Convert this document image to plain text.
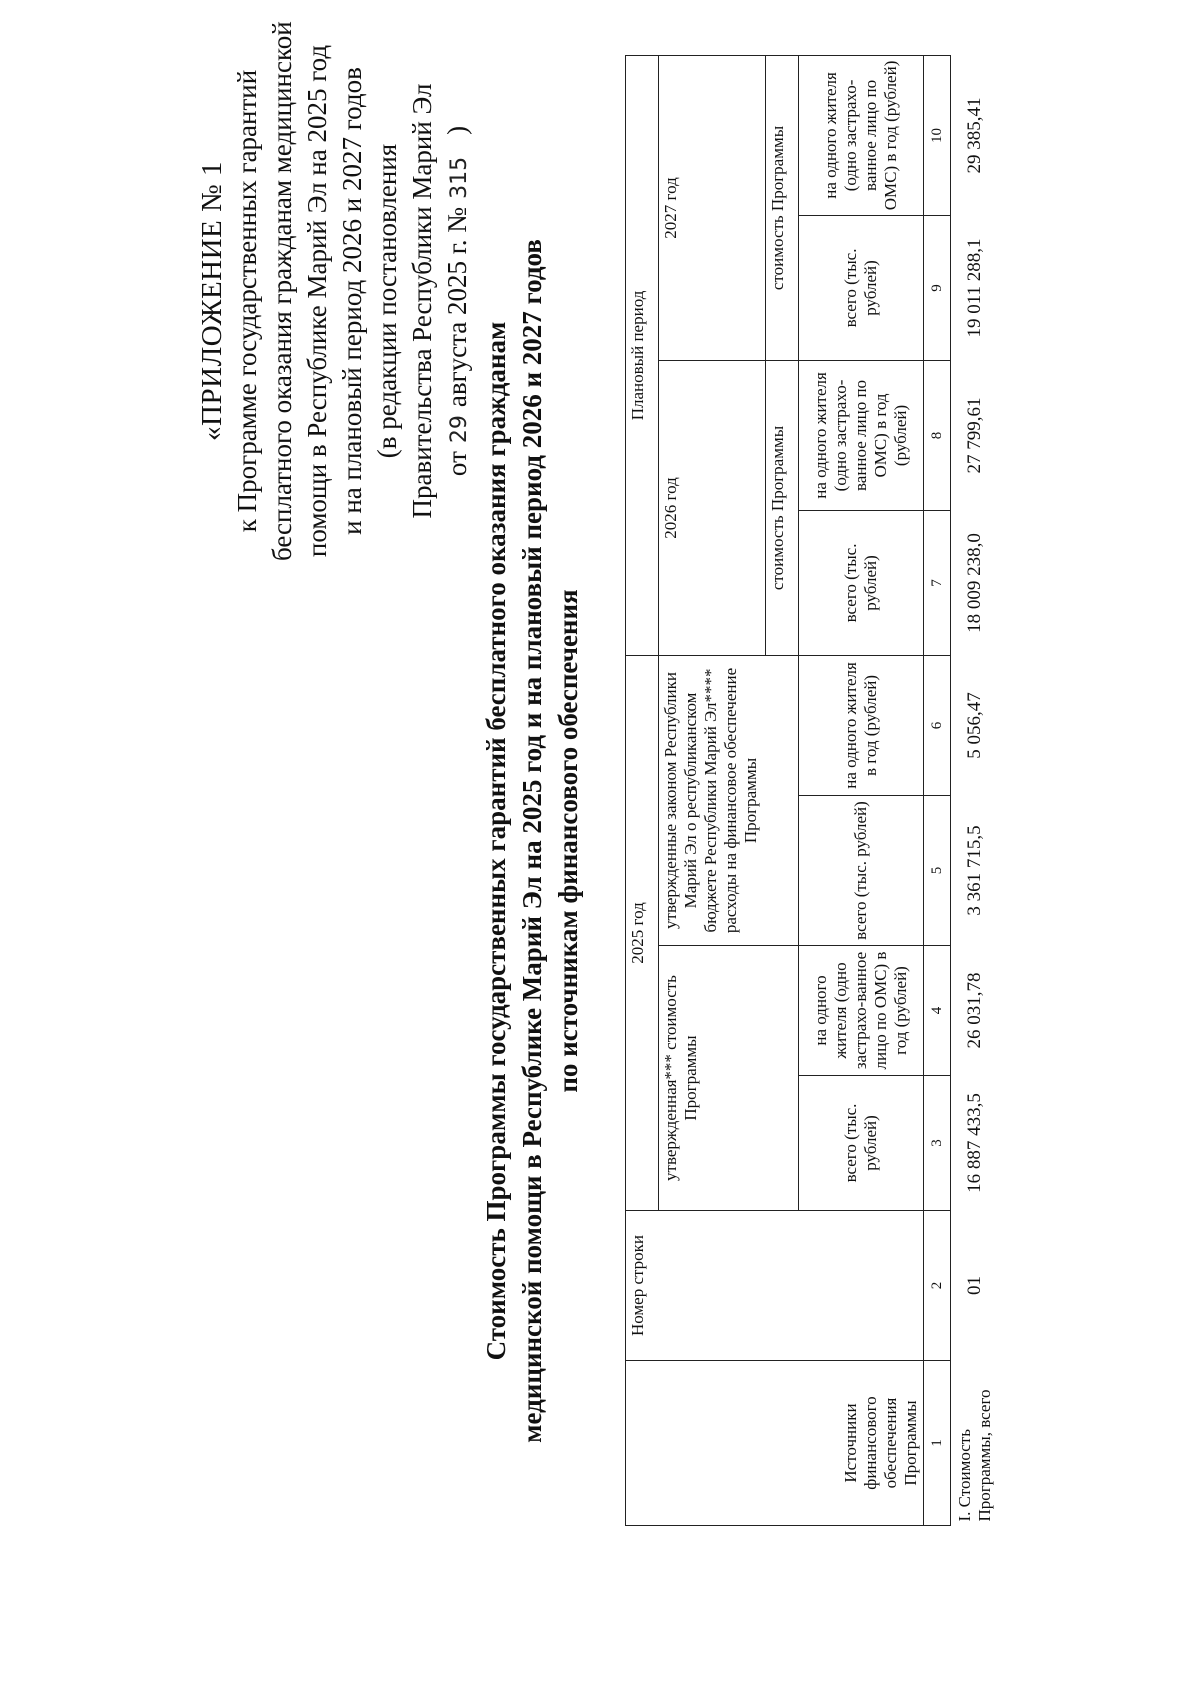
«ПРИЛОЖЕНИЕ № 1 к Программе государственных гарантий бесплатного оказания гражданам медицинской помощи в Республике Марий Эл на 2025 год и на плановый период 2026 и 2027 годов (в редакции постановления Правительства Республики Марий Эл от29августа 2025 г. №315)
Стоимость Программы государственных гарантий бесплатного оказания гражданам медицинской помощи в Республике Марий Эл на 2025 год и на плановый период 2026 и 2027 годов по источникам финансового обеспечения
Источники финансового обеспечения Программы	Номер строки	2025 год				Плановый период			
		утвержденная*** стоимость Программы		утвержденные законом Республики Марий Эл о республиканском бюджете Республики Марий Эл**** расходы на финансовое обеспечение Программы		2026 год		2027 год	
						стоимость Программы		стоимость Программы	
		всего (тыс. рублей)	на одного жителя (одно застрахо-ванное лицо по ОМС) в год (рублей)	всего (тыс. рублей)	на одного жителя в год (рублей)	всего (тыс. рублей)	на одного жителя (одно застрахо-ванное лицо по ОМС) в год (рублей)	всего (тыс. рублей)	на одного жителя (одно застрахо-ванное лицо по ОМС) в год (рублей)
1	2	3	4	5	6	7	8	9	10
I. Стоимость Программы, всего	01	16 887 433,5	26 031,78	3 361 715,5	5 056,47	18 009 238,0	27 799,61	19 011 288,1	29 385,41
